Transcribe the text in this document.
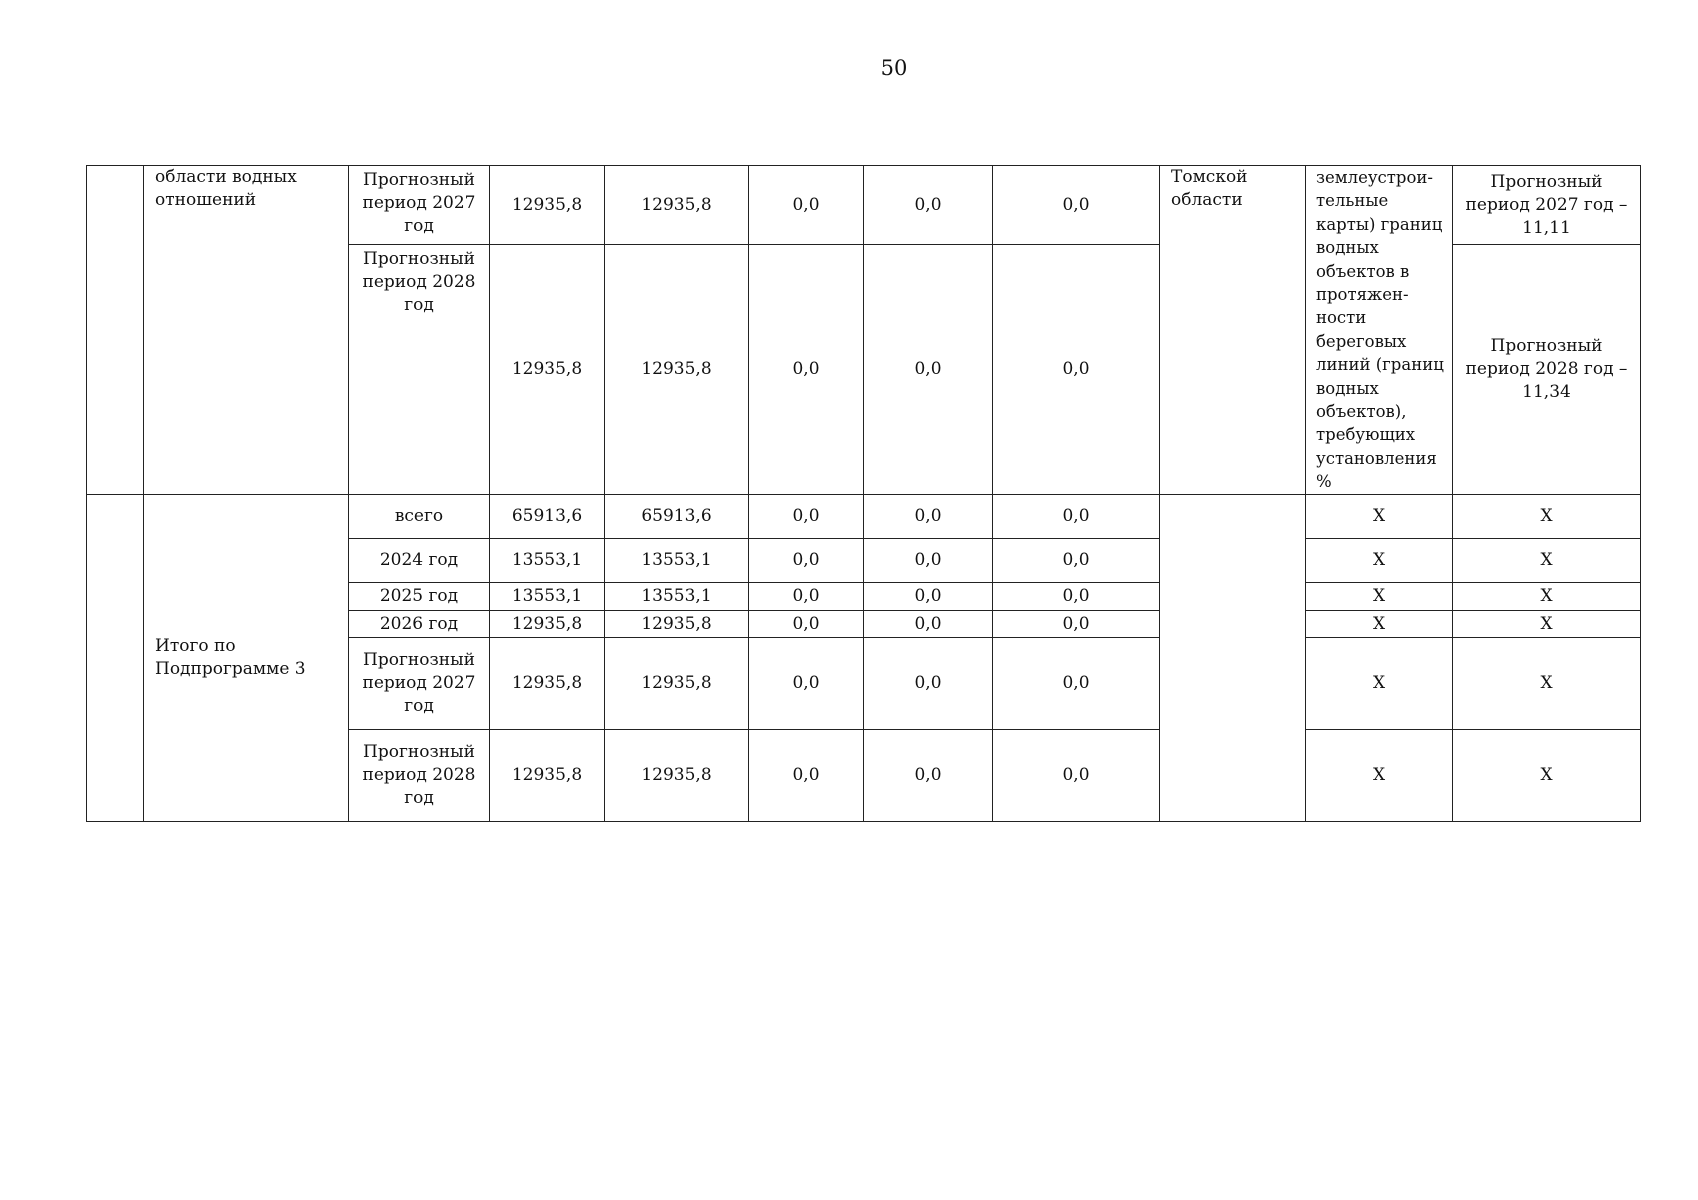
50
	области водных отношений	Прогнозный период 2027 год	12935,8	12935,8	0,0	0,0	0,0	Томской области	землеустрои-тельные карты) границ водных объектов в протяжен-ности береговых линий (границ водных объектов), требующих установления %	Прогнозный период 2027 год – 11,11
		Прогнозный период 2028 год	12935,8	12935,8	0,0	0,0	0,0			Прогнозный период 2028 год – 11,34
	Итого по Подпрограмме 3	всего	65913,6	65913,6	0,0	0,0	0,0		Х	Х
		2024 год	13553,1	13553,1	0,0	0,0	0,0		Х	Х
		2025 год	13553,1	13553,1	0,0	0,0	0,0		Х	Х
		2026 год	12935,8	12935,8	0,0	0,0	0,0		Х	Х
		Прогнозный период 2027 год	12935,8	12935,8	0,0	0,0	0,0		Х	Х
		Прогнозный период 2028 год	12935,8	12935,8	0,0	0,0	0,0		Х	Х
